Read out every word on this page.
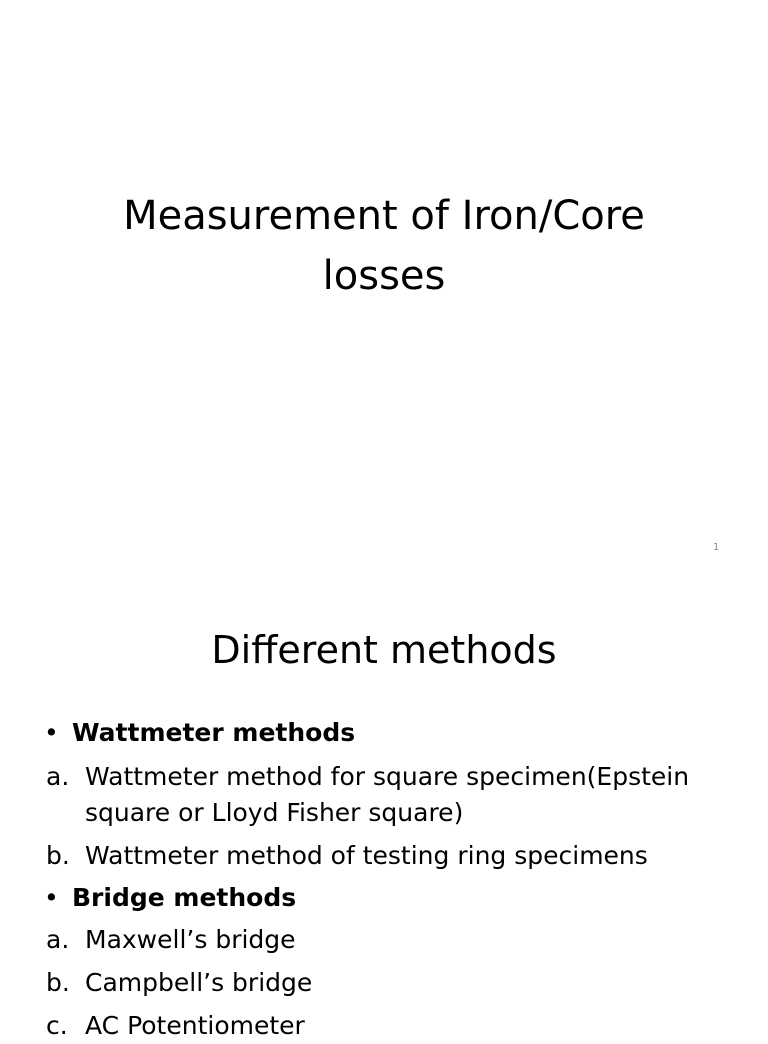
Measurement of Iron/Core
losses
1
Different methods
• Wattmeter methods
a. Wattmeter method for square specimen(Epstein
square or Lloyd Fisher square)
b. Wattmeter method of testing ring specimens
• Bridge methods
a. Maxwell’s bridge
b. Campbell’s bridge
c. AC Potentiometer
